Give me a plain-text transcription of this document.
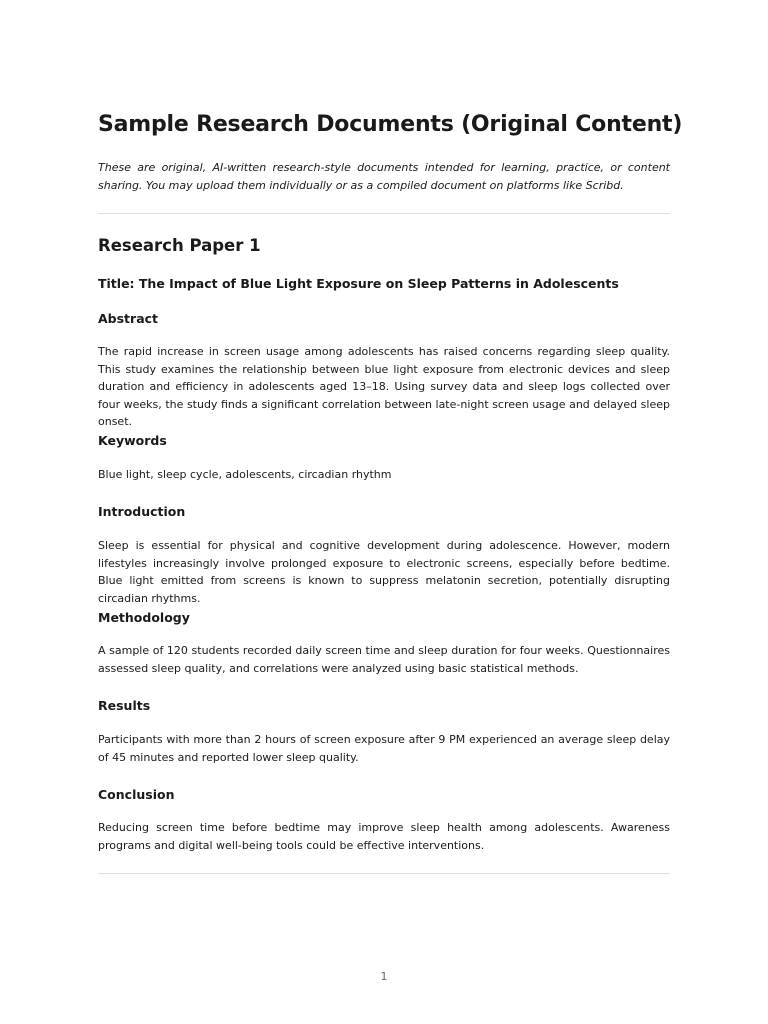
Sample Research Documents (Original Content)

These are original, AI-written research-style documents intended for learning, practice, or content sharing. You may upload them individually or as a compiled document on platforms like Scribd.

Research Paper 1
Title: The Impact of Blue Light Exposure on Sleep Patterns in Adolescents
Abstract

The rapid increase in screen usage among adolescents has raised concerns regarding sleep quality. This study examines the relationship between blue light exposure from electronic devices and sleep duration and efficiency in adolescents aged 13–18. Using survey data and sleep logs collected over four weeks, the study finds a significant correlation between late-night screen usage and delayed sleep onset.

Keywords

Blue light, sleep cycle, adolescents, circadian rhythm

Introduction

Sleep is essential for physical and cognitive development during adolescence. However, modern lifestyles increasingly involve prolonged exposure to electronic screens, especially before bedtime. Blue light emitted from screens is known to suppress melatonin secretion, potentially disrupting circadian rhythms.

Methodology

A sample of 120 students recorded daily screen time and sleep duration for four weeks. Questionnaires assessed sleep quality, and correlations were analyzed using basic statistical methods.

Results

Participants with more than 2 hours of screen exposure after 9 PM experienced an average sleep delay of 45 minutes and reported lower sleep quality.

Conclusion

Reducing screen time before bedtime may improve sleep health among adolescents. Awareness programs and digital well-being tools could be effective interventions.

1
